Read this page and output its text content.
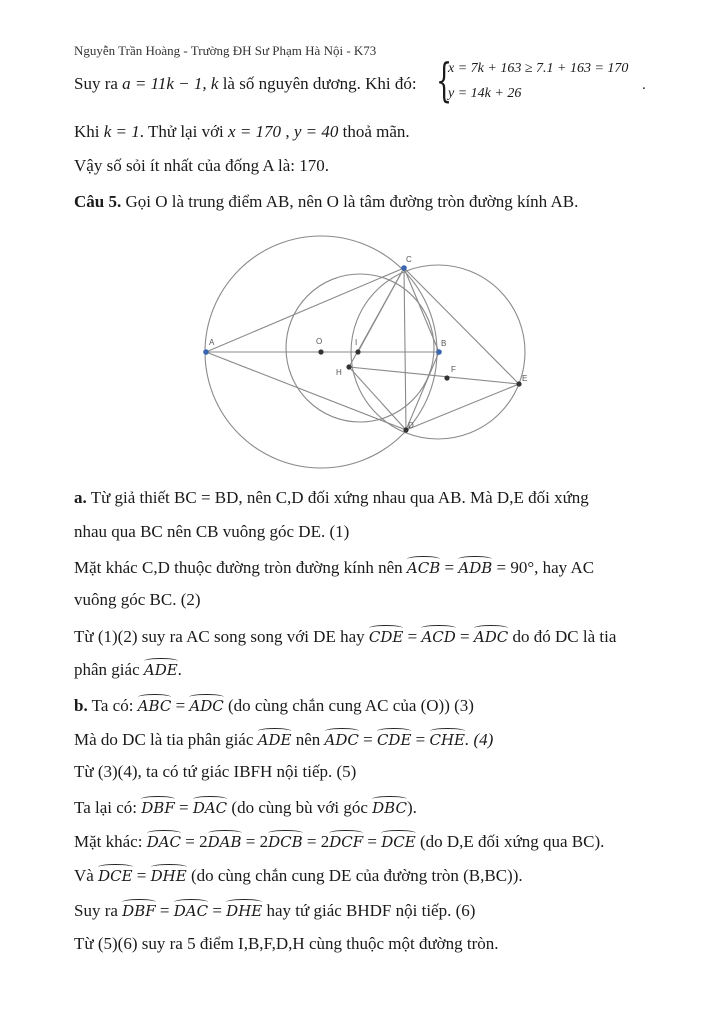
Nguyễn Trần Hoàng - Trường ĐH Sư Phạm Hà Nội - K73
Suy ra a = 11k − 1, k là số nguyên dương. Khi đó: {
x = 7k + 163 ≥ 7.1 + 163 = 170
y = 14k + 26
.
Khi k = 1. Thử lại với x = 170 , y = 40 thoả mãn.
Vậy số sỏi ít nhất của đống A là: 170.
Câu 5. Gọi O là trung điểm AB, nên O là tâm đường tròn đường kính AB.
C
A	O	I	B
H	F
E
D
a. Từ giả thiết BC = BD, nên C,D đối xứng nhau qua AB. Mà D,E đối xứng
nhau qua BC nên CB vuông góc DE. (1)
Mặt khác C,D thuộc đường tròn đường kính nên ACB = ADB = 90°, hay AC
vuông góc BC. (2)
Từ (1)(2) suy ra AC song song với DE hay CDE = ACD = ADC do đó DC là tia
phân giác ADE.
b. Ta có: ABC = ADC (do cùng chắn cung AC của (O)) (3)
Mà do DC là tia phân giác ADE nên ADC = CDE = CHE. (4)
Từ (3)(4), ta có tứ giác IBFH nội tiếp. (5)
Ta lại có: DBF = DAC (do cùng bù với góc DBC).
Mặt khác: DAC = 2DAB = 2DCB = 2DCF = DCE (do D,E đối xứng qua BC).
Và DCE = DHE (do cùng chắn cung DE của đường tròn (B,BC)).
Suy ra DBF = DAC = DHE hay tứ giác BHDF nội tiếp. (6)
Từ (5)(6) suy ra 5 điểm I,B,F,D,H cùng thuộc một đường tròn.
